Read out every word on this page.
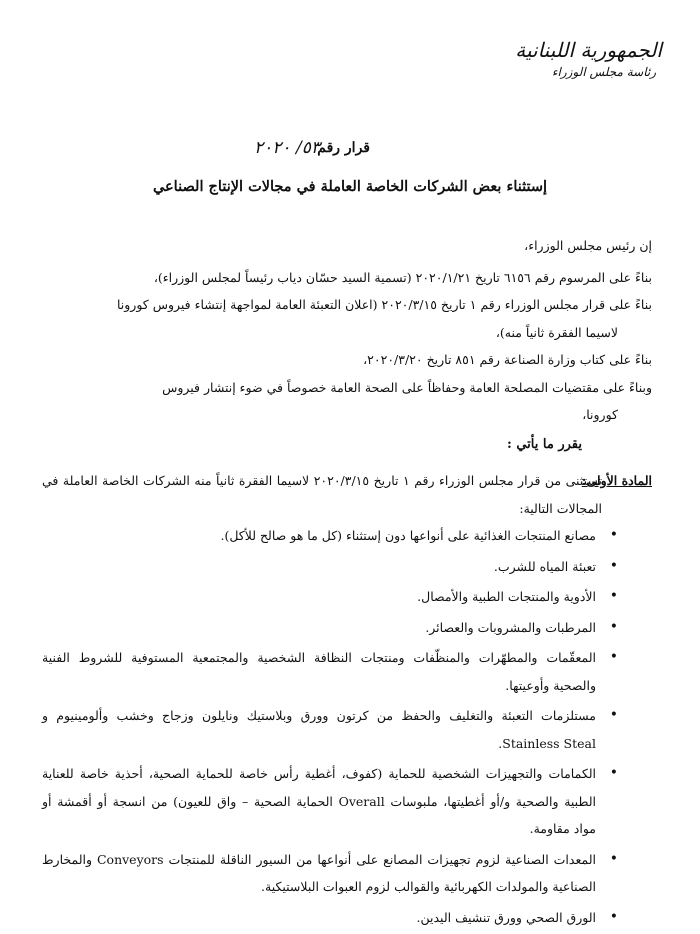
الجمهورية اللبنانية
رئاسة مجلس الوزراء
قرار رقم
٥٣/ ٢٠٢٠
إستثناء بعض الشركات الخاصة العاملة في مجالات الإنتاج الصناعي

إن رئيس مجلس الوزراء،

بناءً على المرسوم رقم ٦١٥٦ تاريخ ٢٠٢٠/١/٢١ (تسمية السيد حسّان دياب رئيساً لمجلس الوزراء)،

بناءً على قرار مجلس الوزراء رقم ١ تاريخ ٢٠٢٠/٣/١٥ (اعلان التعبئة العامة لمواجهة إنتشاء فيروس كورونا

لاسيما الفقرة ثانياً منه)،

بناءً على كتاب وزارة الصناعة رقم ٨٥١ تاريخ ٢٠٢٠/٣/٢٠،

وبناءً على مقتضيات المصلحة العامة وحفاظاً على الصحة العامة خصوصاً في ضوء إنتشار فيروس

كورونا،

يقرر ما يأتي :

المادة الأولى:
تستثنى من قرار مجلس الوزراء رقم ١ تاريخ ٢٠٢٠/٣/١٥ لاسيما الفقرة ثانياً منه الشركات الخاصة العاملة في المجالات التالية:
• مصانع المنتجات الغذائية على أنواعها دون إستثناء (كل ما هو صالح للأكل).
• تعبئة المياه للشرب.
• الأدوية والمنتجات الطبية والأمصال.
• المرطبات والمشروبات والعصائر.
• المعقّمات والمطهّرات والمنظّفات ومنتجات النظافة الشخصية والمجتمعية المستوفية للشروط الفنية والصحية وأوعيتها.
• مستلزمات التعبئة والتغليف والحفظ من كرتون وورق وبلاستيك ونايلون وزجاج وخشب وألومينيوم و Stainless Steal.
• الكمامات والتجهيزات الشخصية للحماية (كفوف، أغطية رأس خاصة للحماية الصحية، أحذية خاصة للعناية الطبية والصحية و/أو أغطيتها، ملبوسات Overall الحماية الصحية – واق للعيون) من انسجة أو أقمشة أو مواد مقاومة.
• المعدات الصناعية لزوم تجهيزات المصانع على أنواعها من السيور الناقلة للمنتجات Conveyors والمخارط الصناعية والمولدات الكهربائية والقوالب لزوم العبوات البلاستيكية.
• الورق الصحي وورق تنشيف اليدين.
